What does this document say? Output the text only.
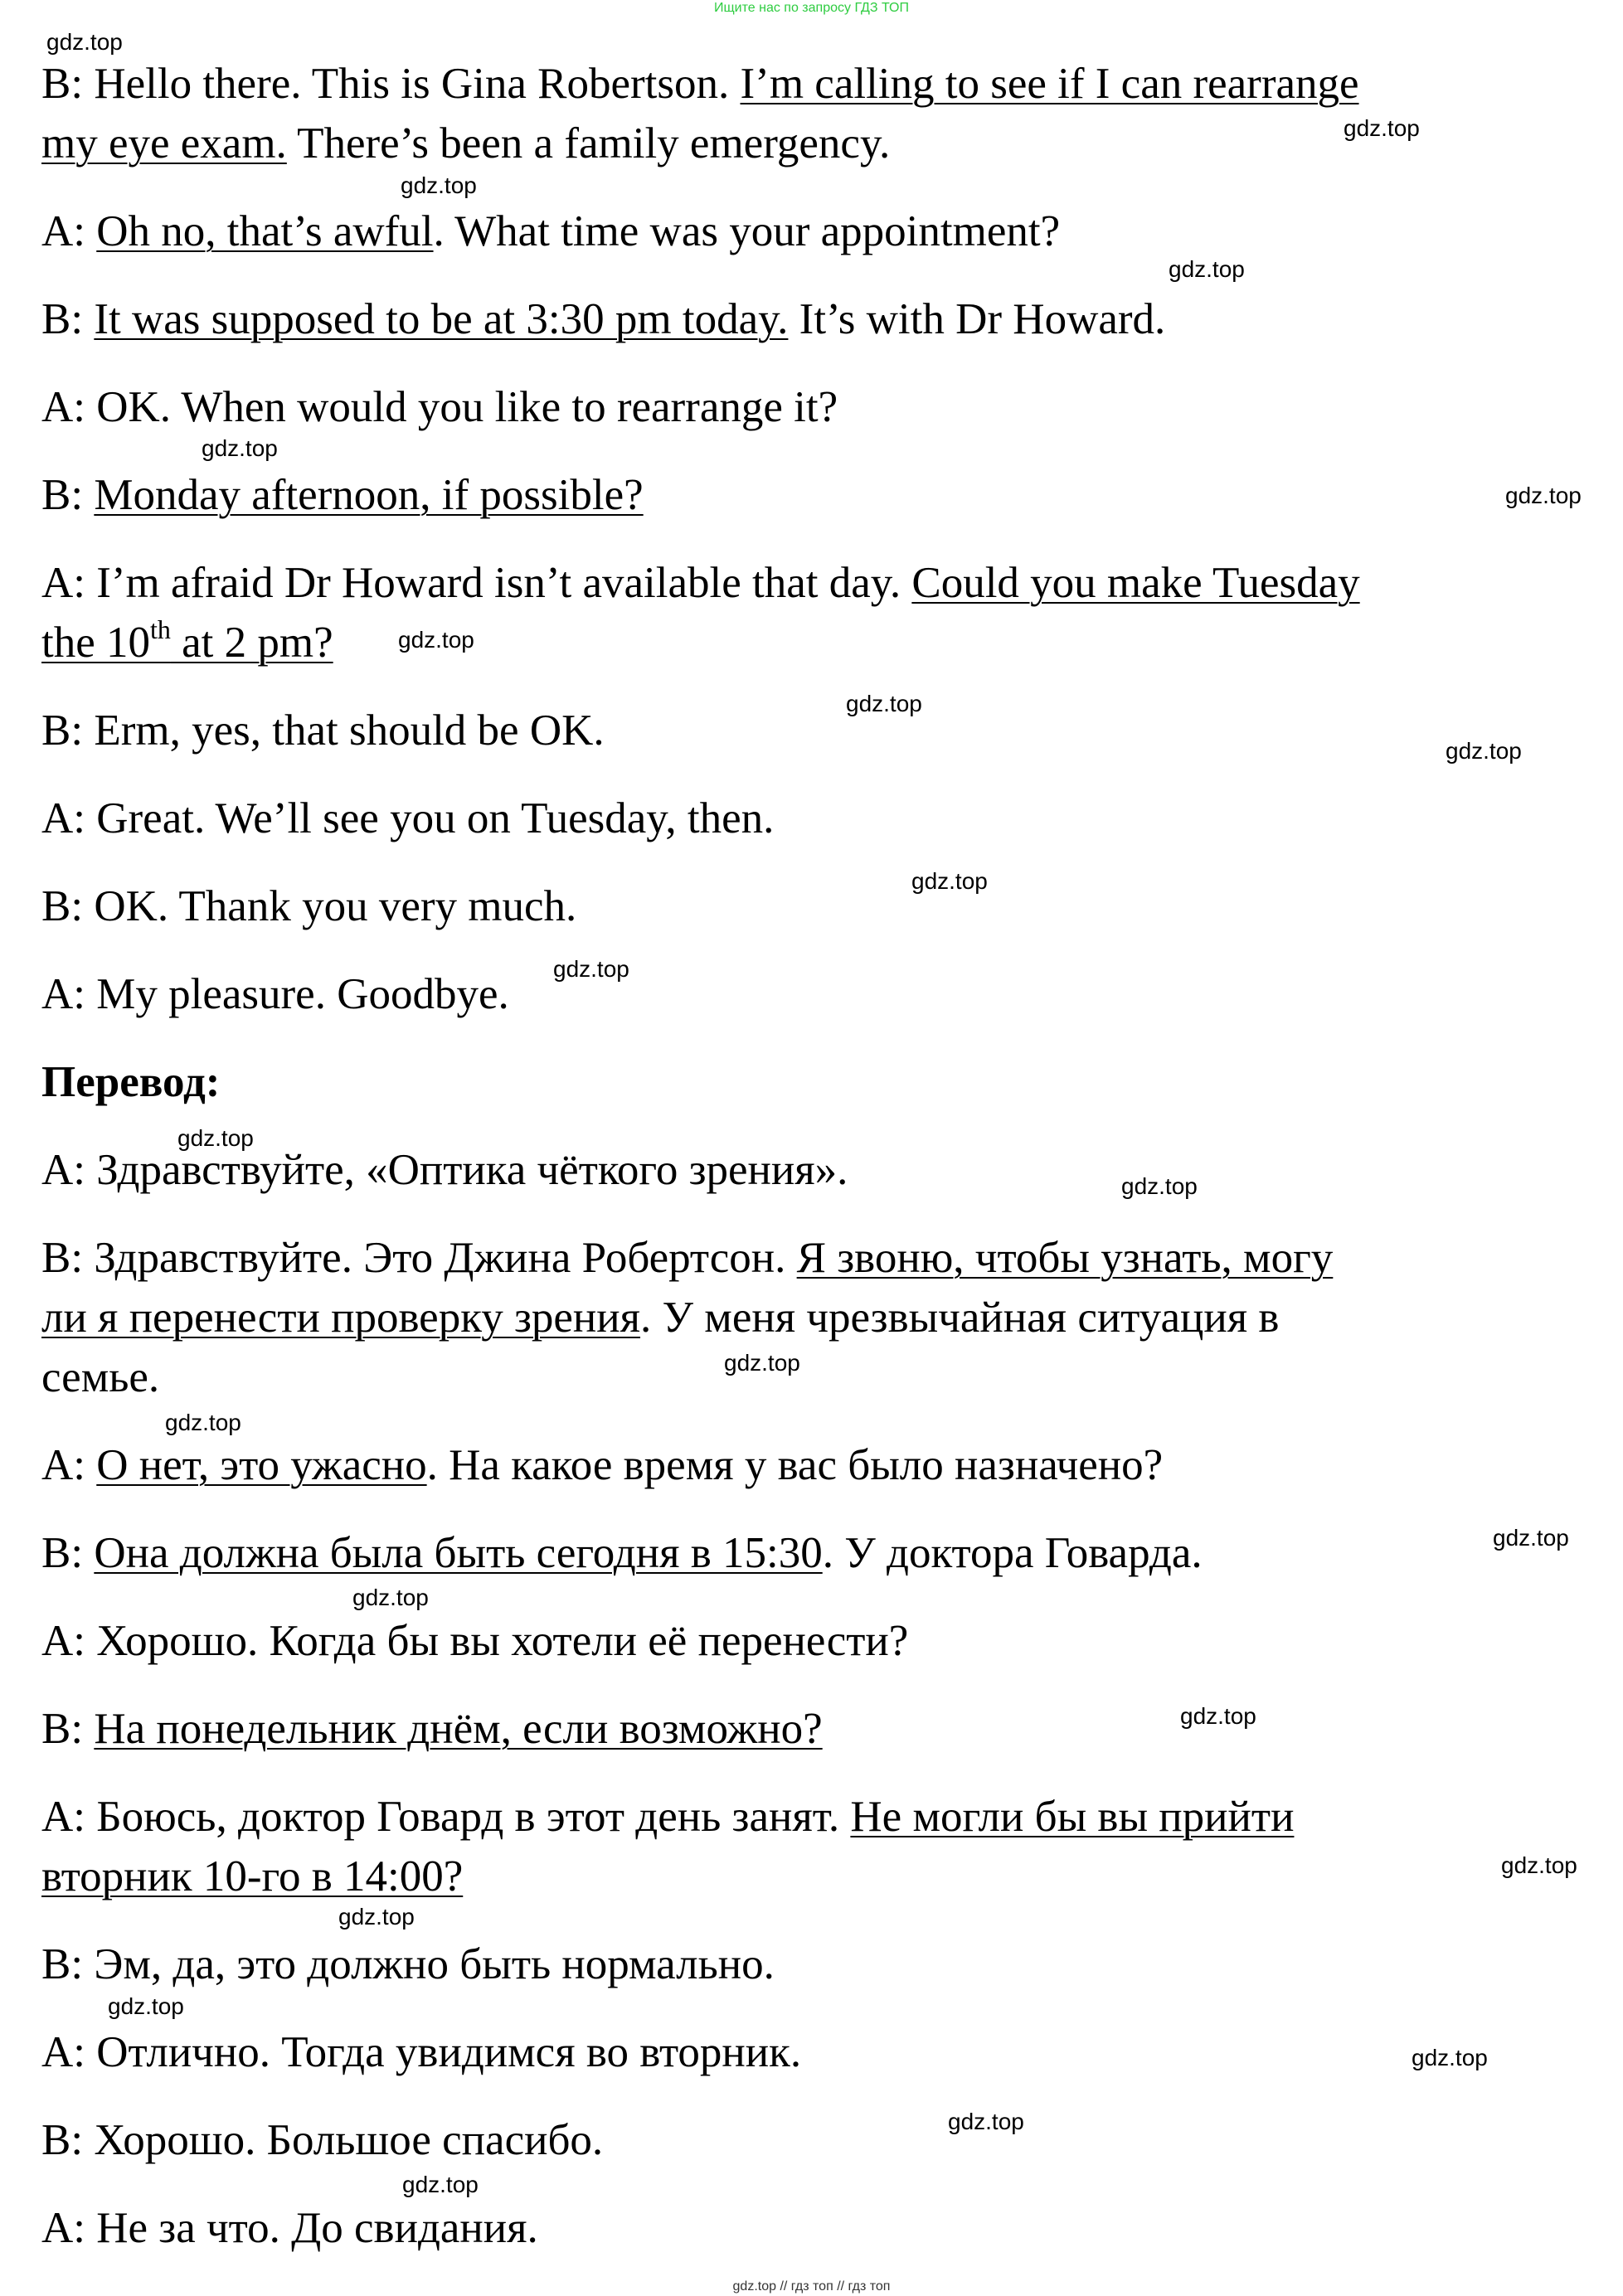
Ищите нас по запросу ГДЗ ТОП
gdz.top
gdz.top
gdz.top
gdz.top
gdz.top
gdz.top
gdz.top
gdz.top
gdz.top
gdz.top
gdz.top
gdz.top
gdz.top
gdz.top
gdz.top
gdz.top
gdz.top
gdz.top
gdz.top
gdz.top
gdz.top
gdz.top
gdz.top
gdz.top
B: Hello there. This is Gina Robertson. I’m calling to see if I can rearrange
my eye exam. There’s been a family emergency.
A: Oh no, that’s awful. What time was your appointment?
B: It was supposed to be at 3:30 pm today. It’s with Dr Howard.
A: OK. When would you like to rearrange it?
B: Monday afternoon, if possible?
A: I’m afraid Dr Howard isn’t available that day. Could you make Tuesday
the 10th at 2 pm?
B: Erm, yes, that should be OK.
A: Great. We’ll see you on Tuesday, then.
B: OK. Thank you very much.
A: My pleasure. Goodbye.
Перевод:
А: Здравствуйте, «Оптика чёткого зрения».
В: Здравствуйте. Это Джина Робертсон. Я звоню, чтобы узнать, могу
ли я перенести проверку зрения. У меня чрезвычайная ситуация в
семье.
А: О нет, это ужасно. На какое время у вас было назначено?
В: Она должна была быть сегодня в 15:30. У доктора Говарда.
А: Хорошо. Когда бы вы хотели её перенести?
В: На понедельник днём, если возможно?
А: Боюсь, доктор Говард в этот день занят. Не могли бы вы прийти
вторник 10-го в 14:00?
В: Эм, да, это должно быть нормально.
А: Отлично. Тогда увидимся во вторник.
В: Хорошо. Большое спасибо.
А: Не за что. До свидания.
gdz.top // гдз топ // гдз топ
